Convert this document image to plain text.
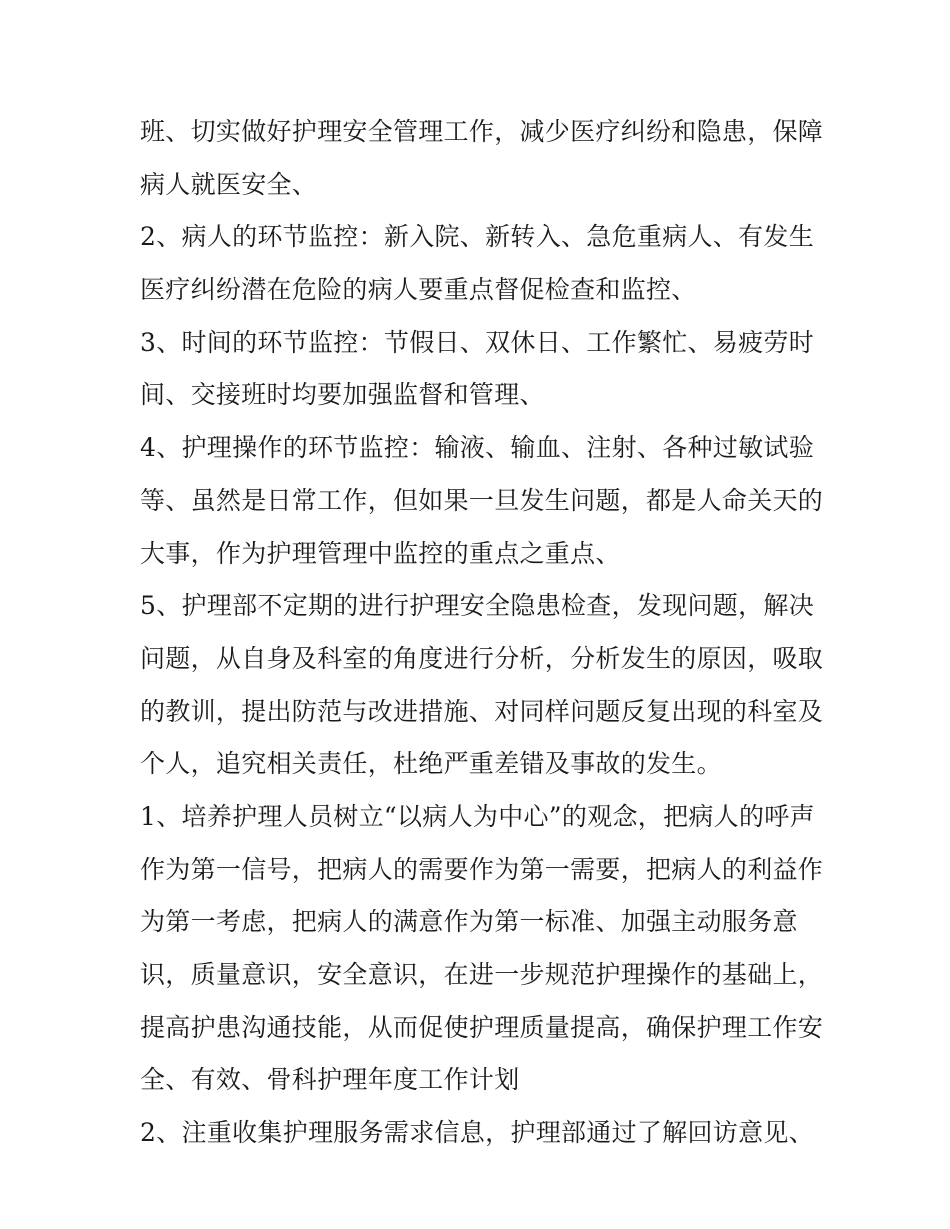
班、切实做好护理安全管理工作，减少医疗纠纷和隐患，保障
病人就医安全、
2、病人的环节监控：新入院、新转入、急危重病人、有发生
医疗纠纷潜在危险的病人要重点督促检查和监控、
3、时间的环节监控：节假日、双休日、工作繁忙、易疲劳时
间、交接班时均要加强监督和管理、
4、护理操作的环节监控：输液、输血、注射、各种过敏试验
等、虽然是日常工作，但如果一旦发生问题，都是人命关天的
大事，作为护理管理中监控的重点之重点、
5、护理部不定期的进行护理安全隐患检查，发现问题，解决
问题，从自身及科室的角度进行分析，分析发生的原因，吸取
的教训，提出防范与改进措施、对同样问题反复出现的科室及
个人，追究相关责任，杜绝严重差错及事故的发生。
1、培养护理人员树立“以病人为中心”的观念，把病人的呼声
作为第一信号，把病人的需要作为第一需要，把病人的利益作
为第一考虑，把病人的满意作为第一标准、加强主动服务意
识，质量意识，安全意识，在进一步规范护理操作的基础上，
提高护患沟通技能，从而促使护理质量提高，确保护理工作安
全、有效、骨科护理年度工作计划
2、注重收集护理服务需求信息，护理部通过了解回访意见、
